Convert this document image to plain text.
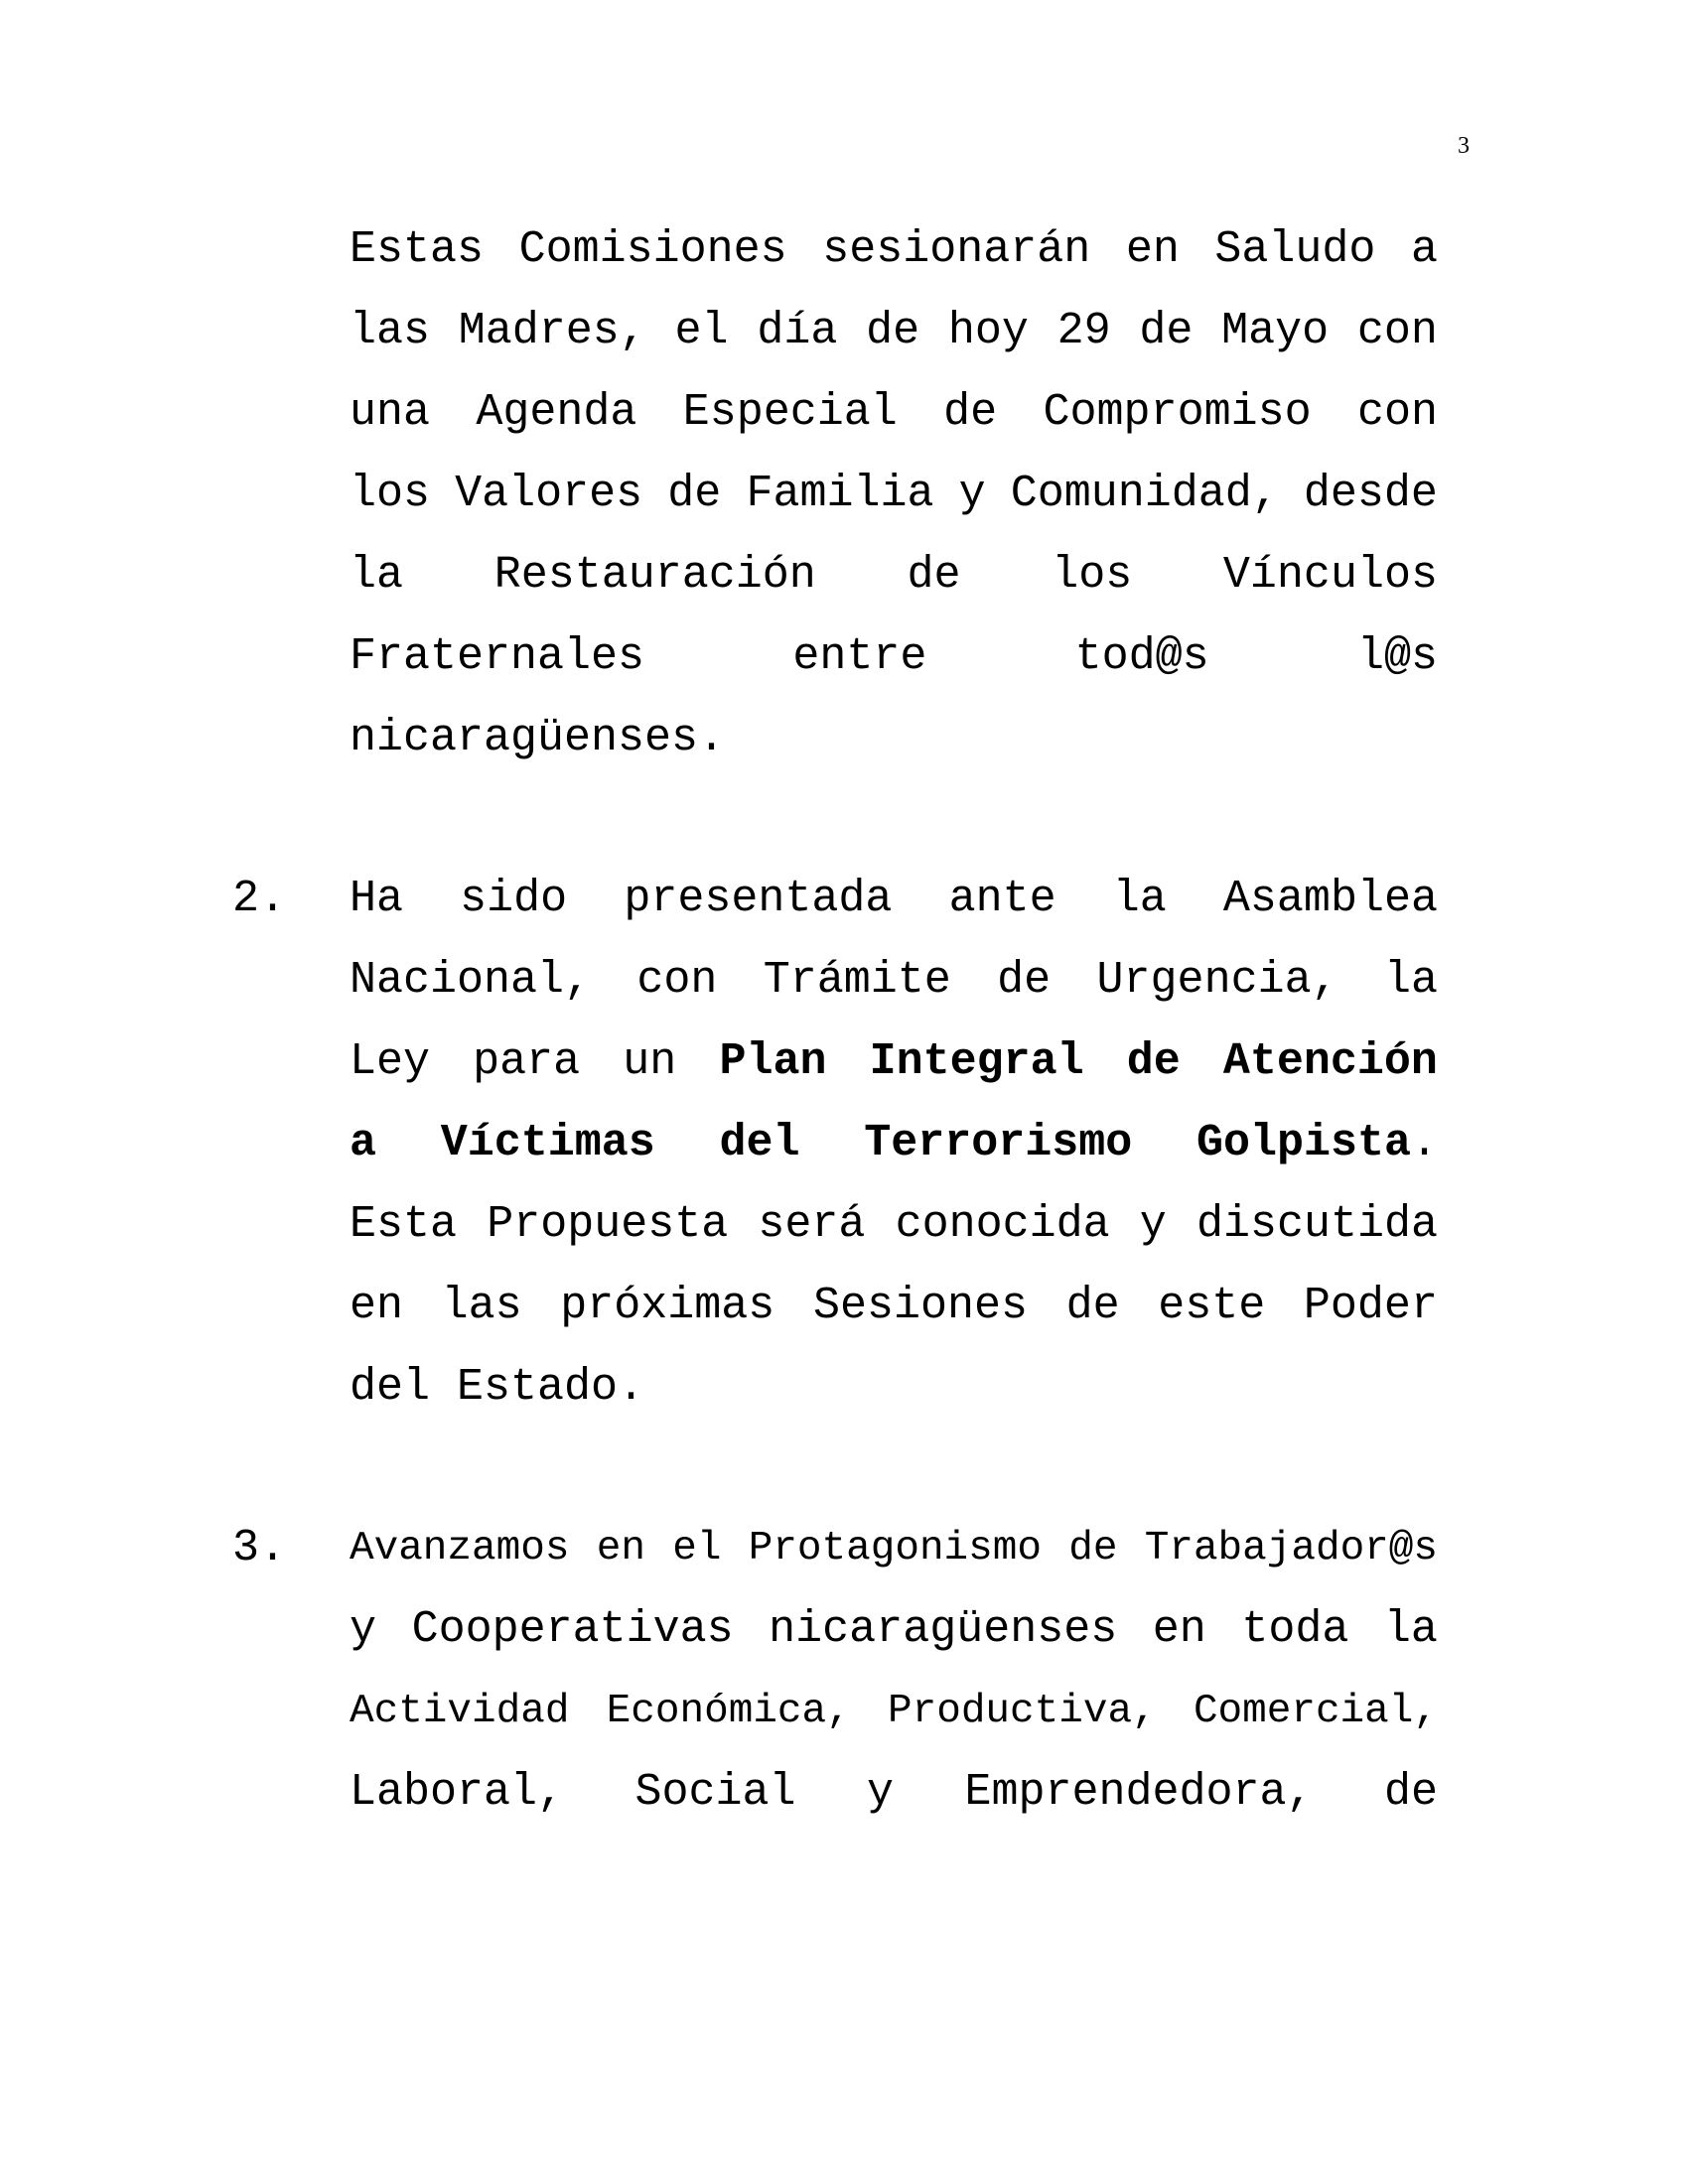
3
Estas Comisiones sesionarán en Saludo a
las Madres, el día de hoy 29 de Mayo con
una Agenda Especial de Compromiso con
los Valores de Familia y Comunidad, desde
la Restauración de los Vínculos
Fraternales	entre	tod@s	l@s
nicaragüenses.
2. Ha sido presentada ante la Asamblea
Nacional, con Trámite de Urgencia, la
Ley para un Plan Integral de Atención
a Víctimas del Terrorismo Golpista.
Esta Propuesta será conocida y discutida
en las próximas Sesiones de este Poder
del Estado.
3. Avanzamos en el Protagonismo de Trabajador@s
y Cooperativas nicaragüenses en toda la
Actividad Económica, Productiva, Comercial,
Laboral, Social y Emprendedora, de
